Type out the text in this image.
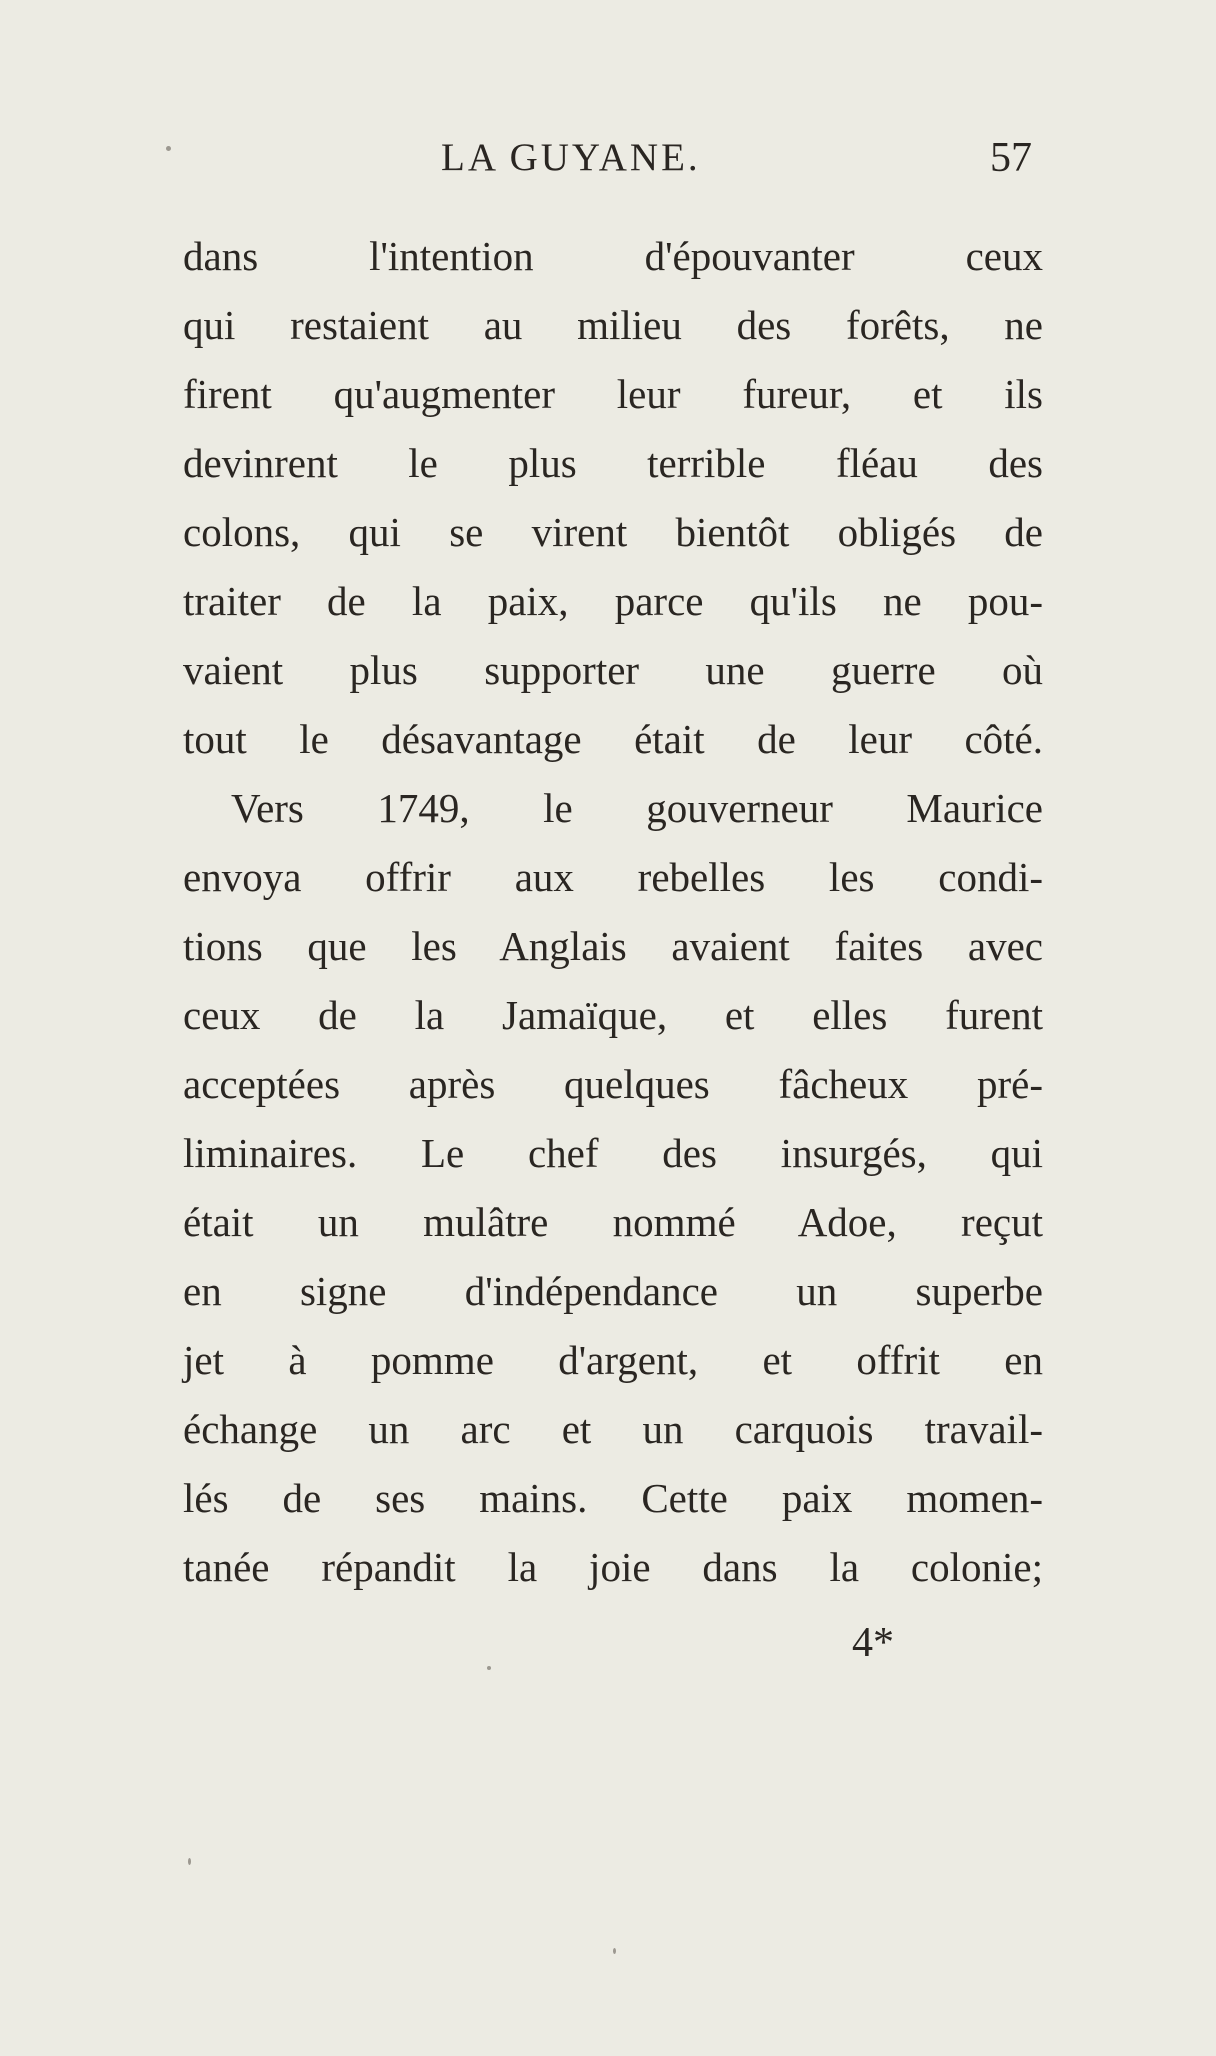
LA GUYANE.	57
dans l'intention d'épouvanter ceux
qui restaient au milieu des forêts, ne
firent qu'augmenter leur fureur, et ils
devinrent le plus terrible fléau des
colons, qui se virent bientôt obligés de
traiter de la paix, parce qu'ils ne pou-
vaient plus supporter une guerre où
tout le désavantage était de leur côté.
Vers 1749, le gouverneur Maurice
envoya offrir aux rebelles les condi-
tions que les Anglais avaient faites avec
ceux de la Jamaïque, et elles furent
acceptées après quelques fâcheux pré-
liminaires. Le chef des insurgés, qui
était un mulâtre nommé Adoe, reçut
en signe d'indépendance un superbe
jet à pomme d'argent, et offrit en
échange un arc et un carquois travail-
lés de ses mains. Cette paix momen-
tanée répandit la joie dans la colonie;
4*
